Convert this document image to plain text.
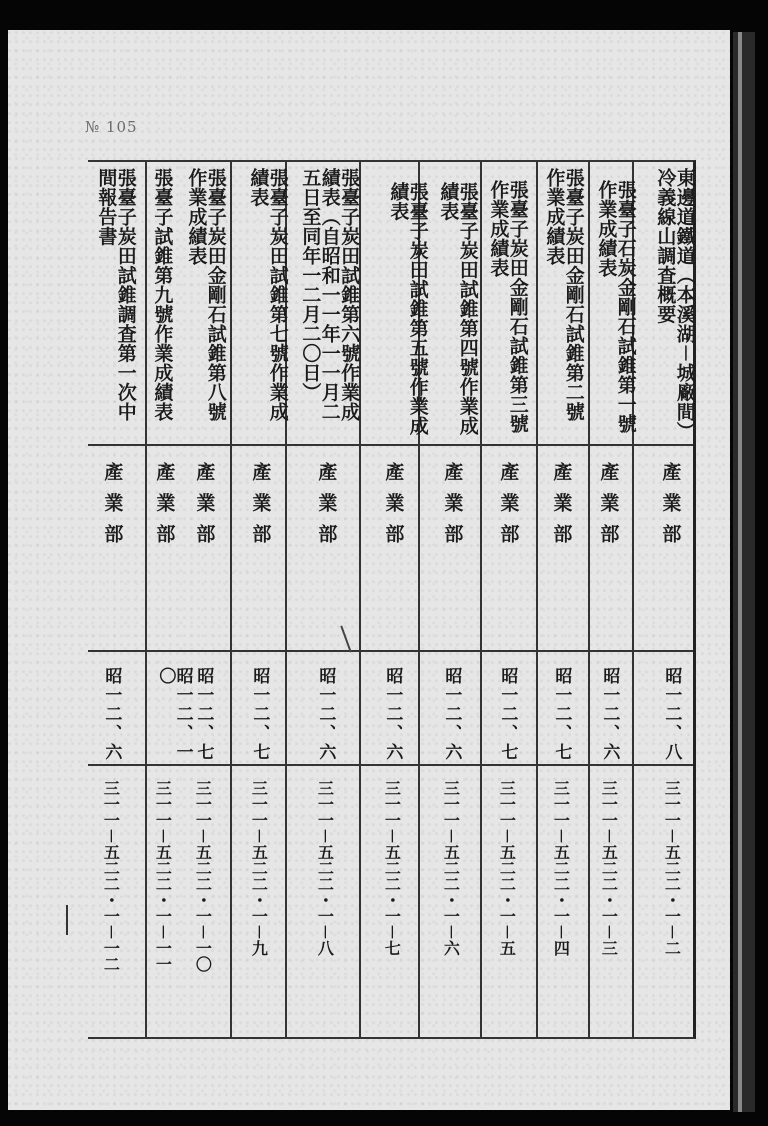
№ 105
東邊道鐵道（本溪湖－城廠間）冷義線山調査概要
產業部
昭一二、八
三一一－五二二・一－二
張臺子石炭金剛石試錐第一號作業成績表
產業部
昭一二、六
三一一－五二二・一－三
張臺子炭田金剛石試錐第二號作業成績表
產業部
昭一二、七
三一一－五二二・一－四
張臺子炭田金剛石試錐第三號作業成績表
產業部
昭一二、七
三一一－五二二・一－五
張臺子炭田試錐第四號作業成績表
產業部
昭一二、六
三一一－五二二・一－六
張臺子炭田試錐第五號作業成績表
產業部
昭一二、六
三一一－五二二・一－七
張臺子炭田試錐第六號作業成績表（自昭和一一年一一月二五日至同年一二月二〇日）
產業部
昭一二、六
三一一－五二二・一－八
張臺子炭田試錐第七號作業成績表
產業部
昭一二、七
三一一－五二二・一－九
張臺子炭田金剛石試錐第八號作業成績表
產業部
昭一二、七
三一一－五二二・一－一〇
張臺子試錐第九號作業成績表
產業部
昭一二、一〇
三一一－五二二・一－一一
張臺子炭田試錐調査第一次中間報告書
產業部
昭一二、六
三一一－五二二・一－一二
